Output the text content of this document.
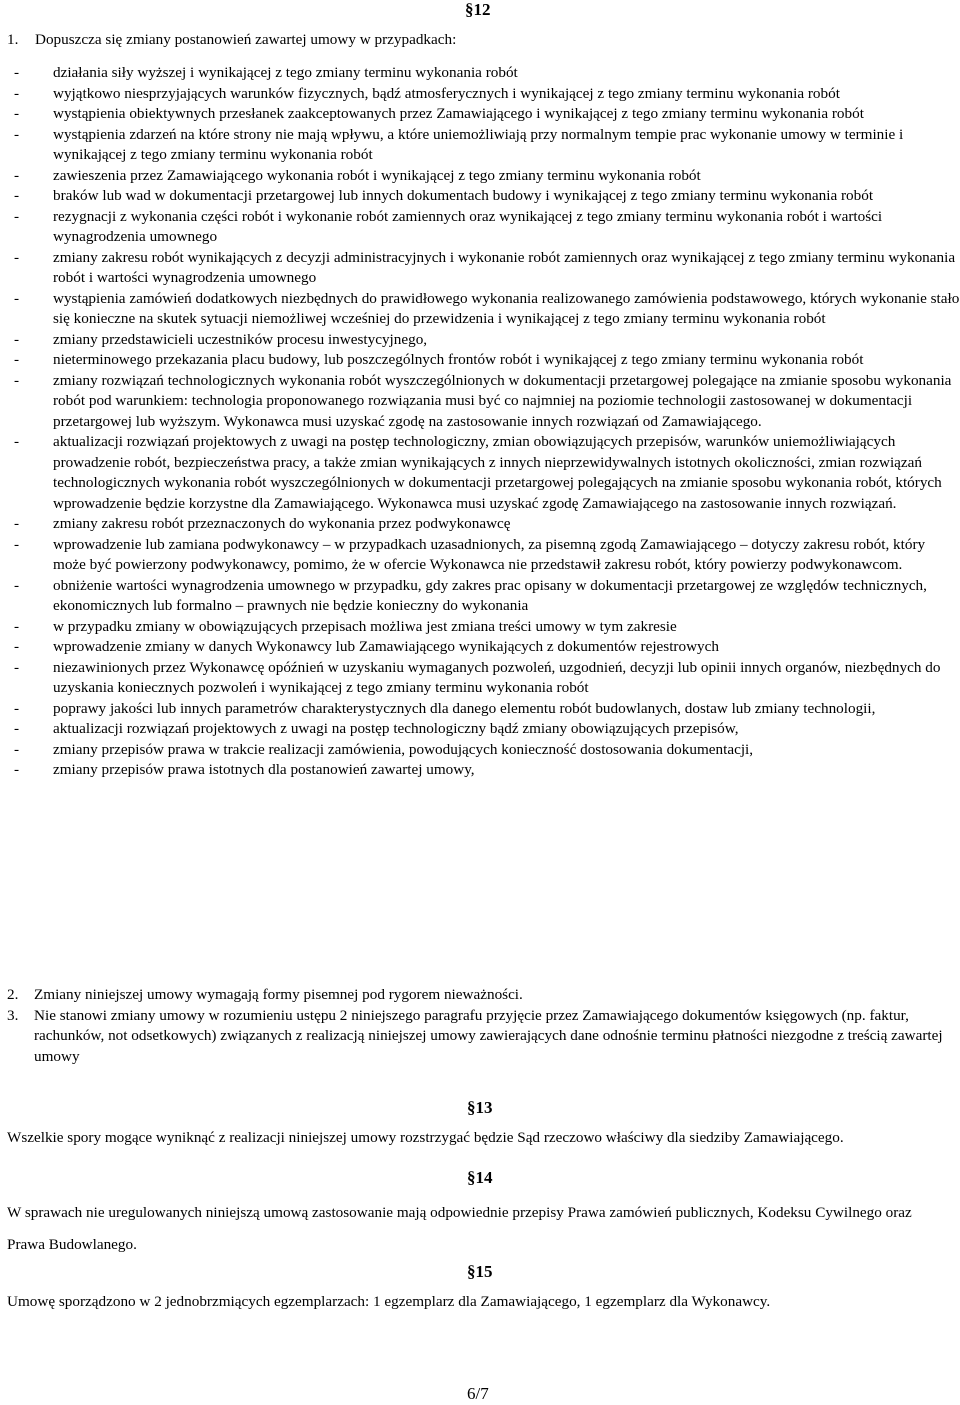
§12
1. Dopuszcza się zmiany postanowień zawartej umowy w przypadkach:
- działania siły wyższej i wynikającej z tego zmiany terminu wykonania robót
- wyjątkowo niesprzyjających warunków fizycznych, bądź atmosferycznych i wynikającej z tego zmiany terminu wykonania robót
- wystąpienia obiektywnych przesłanek zaakceptowanych przez Zamawiającego i wynikającej z tego zmiany terminu wykonania robót
- wystąpienia zdarzeń na które strony nie mają wpływu, a które uniemożliwiają przy normalnym tempie prac wykonanie umowy w terminie i wynikającej z tego zmiany terminu wykonania robót
- zawieszenia przez Zamawiającego wykonania robót i wynikającej z tego zmiany terminu wykonania robót
- braków lub wad w dokumentacji przetargowej lub innych dokumentach budowy i wynikającej z tego zmiany terminu wykonania robót
- rezygnacji z wykonania części robót i wykonanie robót zamiennych oraz wynikającej z tego zmiany terminu wykonania robót i wartości wynagrodzenia umownego
- zmiany zakresu robót wynikających z decyzji administracyjnych i wykonanie robót zamiennych oraz wynikającej z tego zmiany terminu wykonania robót i wartości wynagrodzenia umownego
- wystąpienia zamówień dodatkowych niezbędnych do prawidłowego wykonania realizowanego zamówienia podstawowego, których wykonanie stało się konieczne na skutek sytuacji niemożliwej wcześniej do przewidzenia i wynikającej z tego zmiany terminu wykonania robót
- zmiany przedstawicieli uczestników procesu inwestycyjnego,
- nieterminowego przekazania placu budowy, lub poszczególnych frontów robót i wynikającej z tego zmiany terminu wykonania robót
- zmiany rozwiązań technologicznych wykonania robót wyszczególnionych w dokumentacji przetargowej polegające na zmianie sposobu wykonania robót pod warunkiem: technologia proponowanego rozwiązania musi być co najmniej na poziomie technologii zastosowanej w dokumentacji przetargowej lub wyższym. Wykonawca musi uzyskać zgodę na zastosowanie innych rozwiązań od Zamawiającego.
- aktualizacji rozwiązań projektowych z uwagi na postęp technologiczny, zmian obowiązujących przepisów, warunków uniemożliwiających prowadzenie robót, bezpieczeństwa pracy, a także zmian wynikających z innych nieprzewidywalnych istotnych okoliczności, zmian rozwiązań technologicznych wykonania robót wyszczególnionych w dokumentacji przetargowej polegających na zmianie sposobu wykonania robót, których wprowadzenie będzie korzystne dla Zamawiającego. Wykonawca musi uzyskać zgodę Zamawiającego na zastosowanie innych rozwiązań.
- zmiany zakresu robót przeznaczonych do wykonania przez podwykonawcę
- wprowadzenie lub zamiana podwykonawcy – w przypadkach uzasadnionych, za pisemną zgodą Zamawiającego – dotyczy zakresu robót, który może być powierzony podwykonawcy, pomimo, że w ofercie Wykonawca nie przedstawił zakresu robót, który powierzy podwykonawcom.
- obniżenie wartości wynagrodzenia umownego w przypadku, gdy zakres prac opisany w dokumentacji przetargowej ze względów technicznych, ekonomicznych lub formalno – prawnych nie będzie konieczny do wykonania
- w przypadku zmiany w obowiązujących przepisach możliwa jest zmiana treści umowy w tym zakresie
- wprowadzenie zmiany w danych Wykonawcy lub Zamawiającego wynikających z dokumentów rejestrowych
- niezawinionych przez Wykonawcę opóźnień w uzyskaniu wymaganych pozwoleń, uzgodnień, decyzji lub opinii innych organów, niezbędnych do uzyskania koniecznych pozwoleń i wynikającej z tego zmiany terminu wykonania robót
- poprawy jakości lub innych parametrów charakterystycznych dla danego elementu robót budowlanych, dostaw lub zmiany technologii,
- aktualizacji rozwiązań projektowych z uwagi na postęp technologiczny bądź zmiany obowiązujących przepisów,
- zmiany przepisów prawa w trakcie realizacji zamówienia, powodujących konieczność dostosowania dokumentacji,
- zmiany przepisów prawa istotnych dla postanowień zawartej umowy,
2. Zmiany niniejszej umowy wymagają formy pisemnej pod rygorem nieważności.
3. Nie stanowi zmiany umowy w rozumieniu ustępu 2 niniejszego paragrafu przyjęcie przez Zamawiającego dokumentów księgowych (np. faktur, rachunków, not odsetkowych) związanych z realizacją niniejszej umowy zawierających dane odnośnie terminu płatności niezgodne z treścią zawartej umowy
§13
Wszelkie spory mogące wyniknąć z realizacji niniejszej umowy rozstrzygać będzie Sąd rzeczowo właściwy dla siedziby Zamawiającego.
§14
W sprawach nie uregulowanych niniejszą umową zastosowanie mają odpowiednie przepisy Prawa zamówień publicznych, Kodeksu Cywilnego oraz Prawa Budowlanego.
§15
Umowę sporządzono w 2 jednobrzmiących egzemplarzach: 1 egzemplarz dla Zamawiającego, 1 egzemplarz dla Wykonawcy.
6/7
